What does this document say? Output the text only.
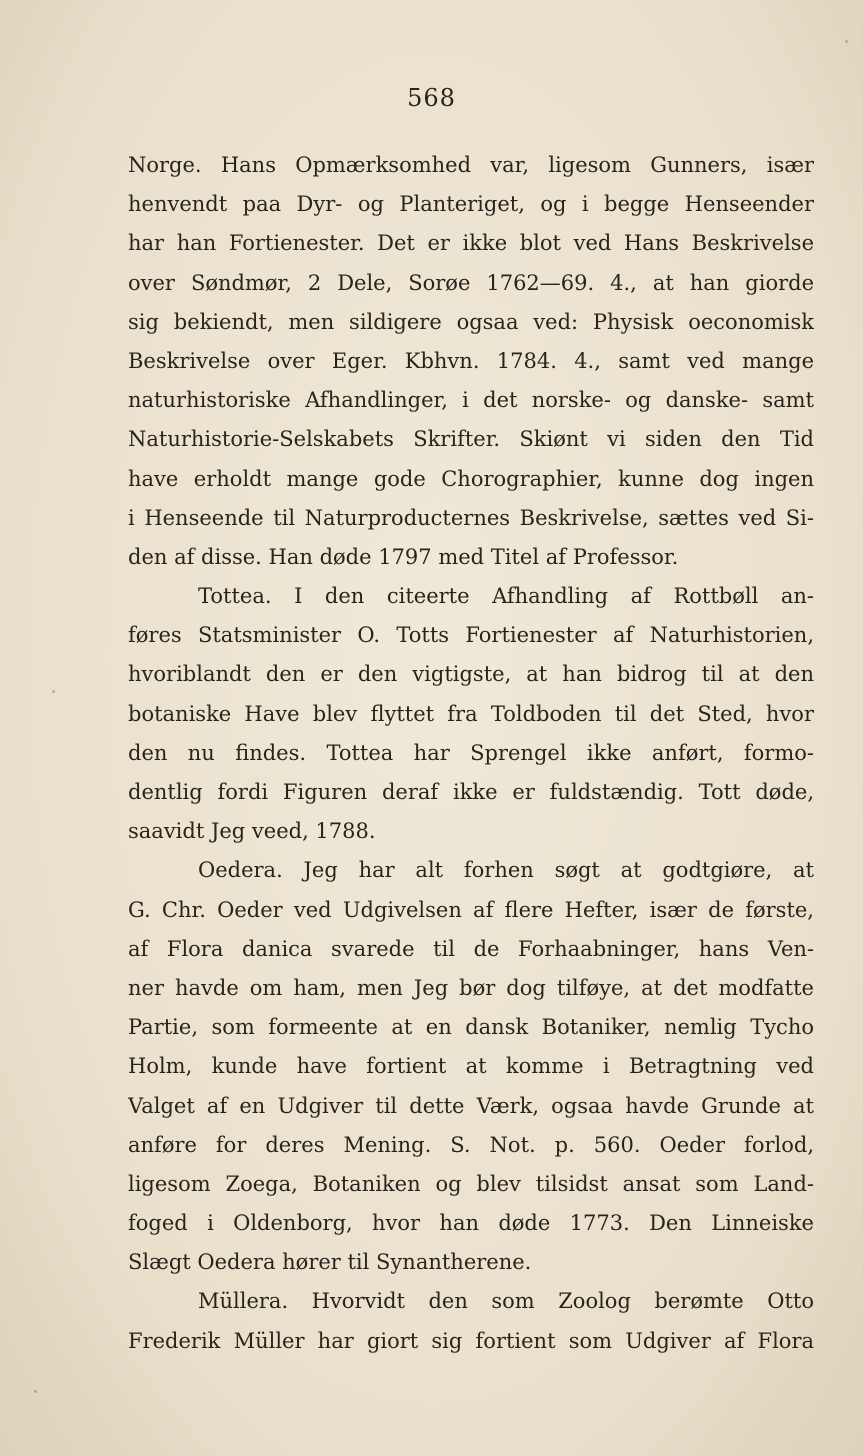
568
Norge. Hans Opmærksomhed var, ligesom Gunners, især
henvendt paa Dyr- og Planteriget, og i begge Henseender
har han Fortienester. Det er ikke blot ved Hans Beskrivelse
over Søndmør, 2 Dele, Sorøe 1762—69. 4., at han giorde
sig bekiendt, men sildigere ogsaa ved: Physisk oeconomisk
Beskrivelse over Eger. Kbhvn. 1784. 4., samt ved mange
naturhistoriske Afhandlinger, i det norske- og danske- samt
Naturhistorie-Selskabets Skrifter. Skiønt vi siden den Tid
have erholdt mange gode Chorographier, kunne dog ingen
i Henseende til Naturproducternes Beskrivelse, sættes ved Si-
den af disse. Han døde 1797 med Titel af Professor.
Tottea. I den citeerte Afhandling af Rottbøll an-
føres Statsminister O. Totts Fortienester af Naturhistorien,
hvoriblandt den er den vigtigste, at han bidrog til at den
botaniske Have blev flyttet fra Toldboden til det Sted, hvor
den nu findes. Tottea har Sprengel ikke anført, formo-
dentlig fordi Figuren deraf ikke er fuldstændig. Tott døde,
saavidt Jeg veed, 1788.
Oedera. Jeg har alt forhen søgt at godtgiøre, at
G. Chr. Oeder ved Udgivelsen af flere Hefter, især de første,
af Flora danica svarede til de Forhaabninger, hans Ven-
ner havde om ham, men Jeg bør dog tilføye, at det modfatte
Partie, som formeente at en dansk Botaniker, nemlig Tycho
Holm, kunde have fortient at komme i Betragtning ved
Valget af en Udgiver til dette Værk, ogsaa havde Grunde at
anføre for deres Mening. S. Not. p. 560. Oeder forlod,
ligesom Zoega, Botaniken og blev tilsidst ansat som Land-
foged i Oldenborg, hvor han døde 1773. Den Linneiske
Slægt Oedera hører til Synantherene.
Müllera. Hvorvidt den som Zoolog berømte Otto
Frederik Müller har giort sig fortient som Udgiver af Flora
